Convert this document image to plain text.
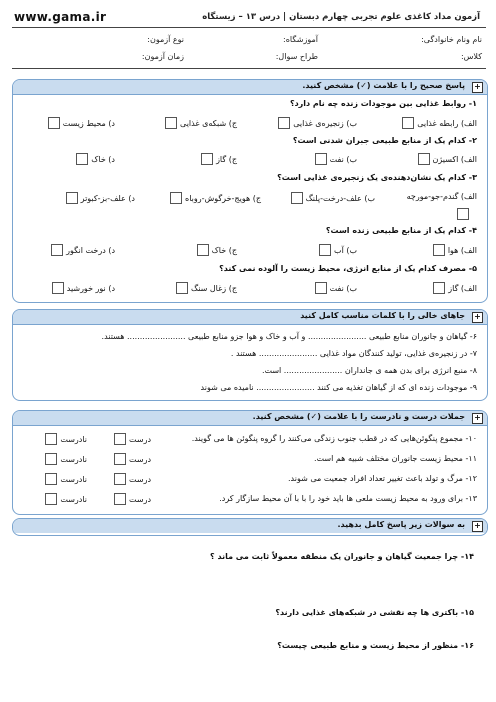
www.gama.ir	آزمون مداد کاغذی علوم تجربی چهارم دبستان | درس ۱۳ – زیستگاه
نام ونام خانوادگی:
آموزشگاه:
نوع آزمون:
کلاس:
طراح سوال:
زمان آزمون:
+
پاسخ صحیح را با علامت (✓) مشخص کنید.
۱- روابط غذایی بین موجودات زنده چه نام دارد؟
الف) رابطه غذایی
ب) زنجیره‌ی غذایی
ج) شبکه‌ی غذایی
د) محیط زیست
۲- کدام یک از منابع طبیعی جبران شدنی است؟
الف) اکسیژن
ب) نفت
ج) گاز
د) خاک
۳- کدام یک نشان‌دهنده‌ی یک زنجیره‌ی غذایی است؟
الف) گندم-جو-مورچه
ب) علف-درخت-پلنگ
ج) هویج-خرگوش-روباه
د) علف-بز-کبوتر
۴- کدام یک از منابع طبیعی زنده است؟
الف) هوا
ب) آب
ج) خاک
د) درخت انگور
۵- مصرف کدام یک از منابع انرژی، محیط زیست را آلوده نمی کند؟
الف) گاز
ب) نفت
ج) زغال سنگ
د) نور خورشید
+
جاهای خالی را با کلمات مناسب کامل کنید
۶- گیاهان و جانوران منابع طبیعی ....................... و آب و خاک و هوا جزو منابع طبیعی ....................... هستند.
۷- در زنجیره‌ی غذایی، تولید کنندگان مواد غذایی ....................... هستند .
۸- منبع انرژی برای بدن همه ی جانداران ....................... است.
۹- موجودات زنده ای که از گیاهان تغذیه می کنند ....................... نامیده می شوند
+
جملات درست و نادرست را با علامت (✓) مشخص کنید.
۱۰- مجموع پنگوئن‌هایی که در قطب جنوب زندگی می‌کنند را گروه پنگوئن ها می گویند.
درست
نادرست
۱۱- محیط زیست جانوران مختلف شبیه هم است.
درست
نادرست
۱۲- مرگ و تولد باعث تغییر تعداد افراد جمعیت می شوند.
درست
نادرست
۱۳- برای ورود به محیط زیست ملعی ها باید خود را با با آن محیط سازگار کرد.
درست
نادرست
+
به سوالات زیر پاسخ کامل بدهید.
۱۴- چرا جمعیت گیاهان و جانوران یک منطقه معمولاً ثابت می ماند ؟
۱۵- باکتری ها چه نقشی در شبکه‌های غذایی دارند؟
۱۶- منظور از محیط زیست و منابع طبیعی چیست؟
